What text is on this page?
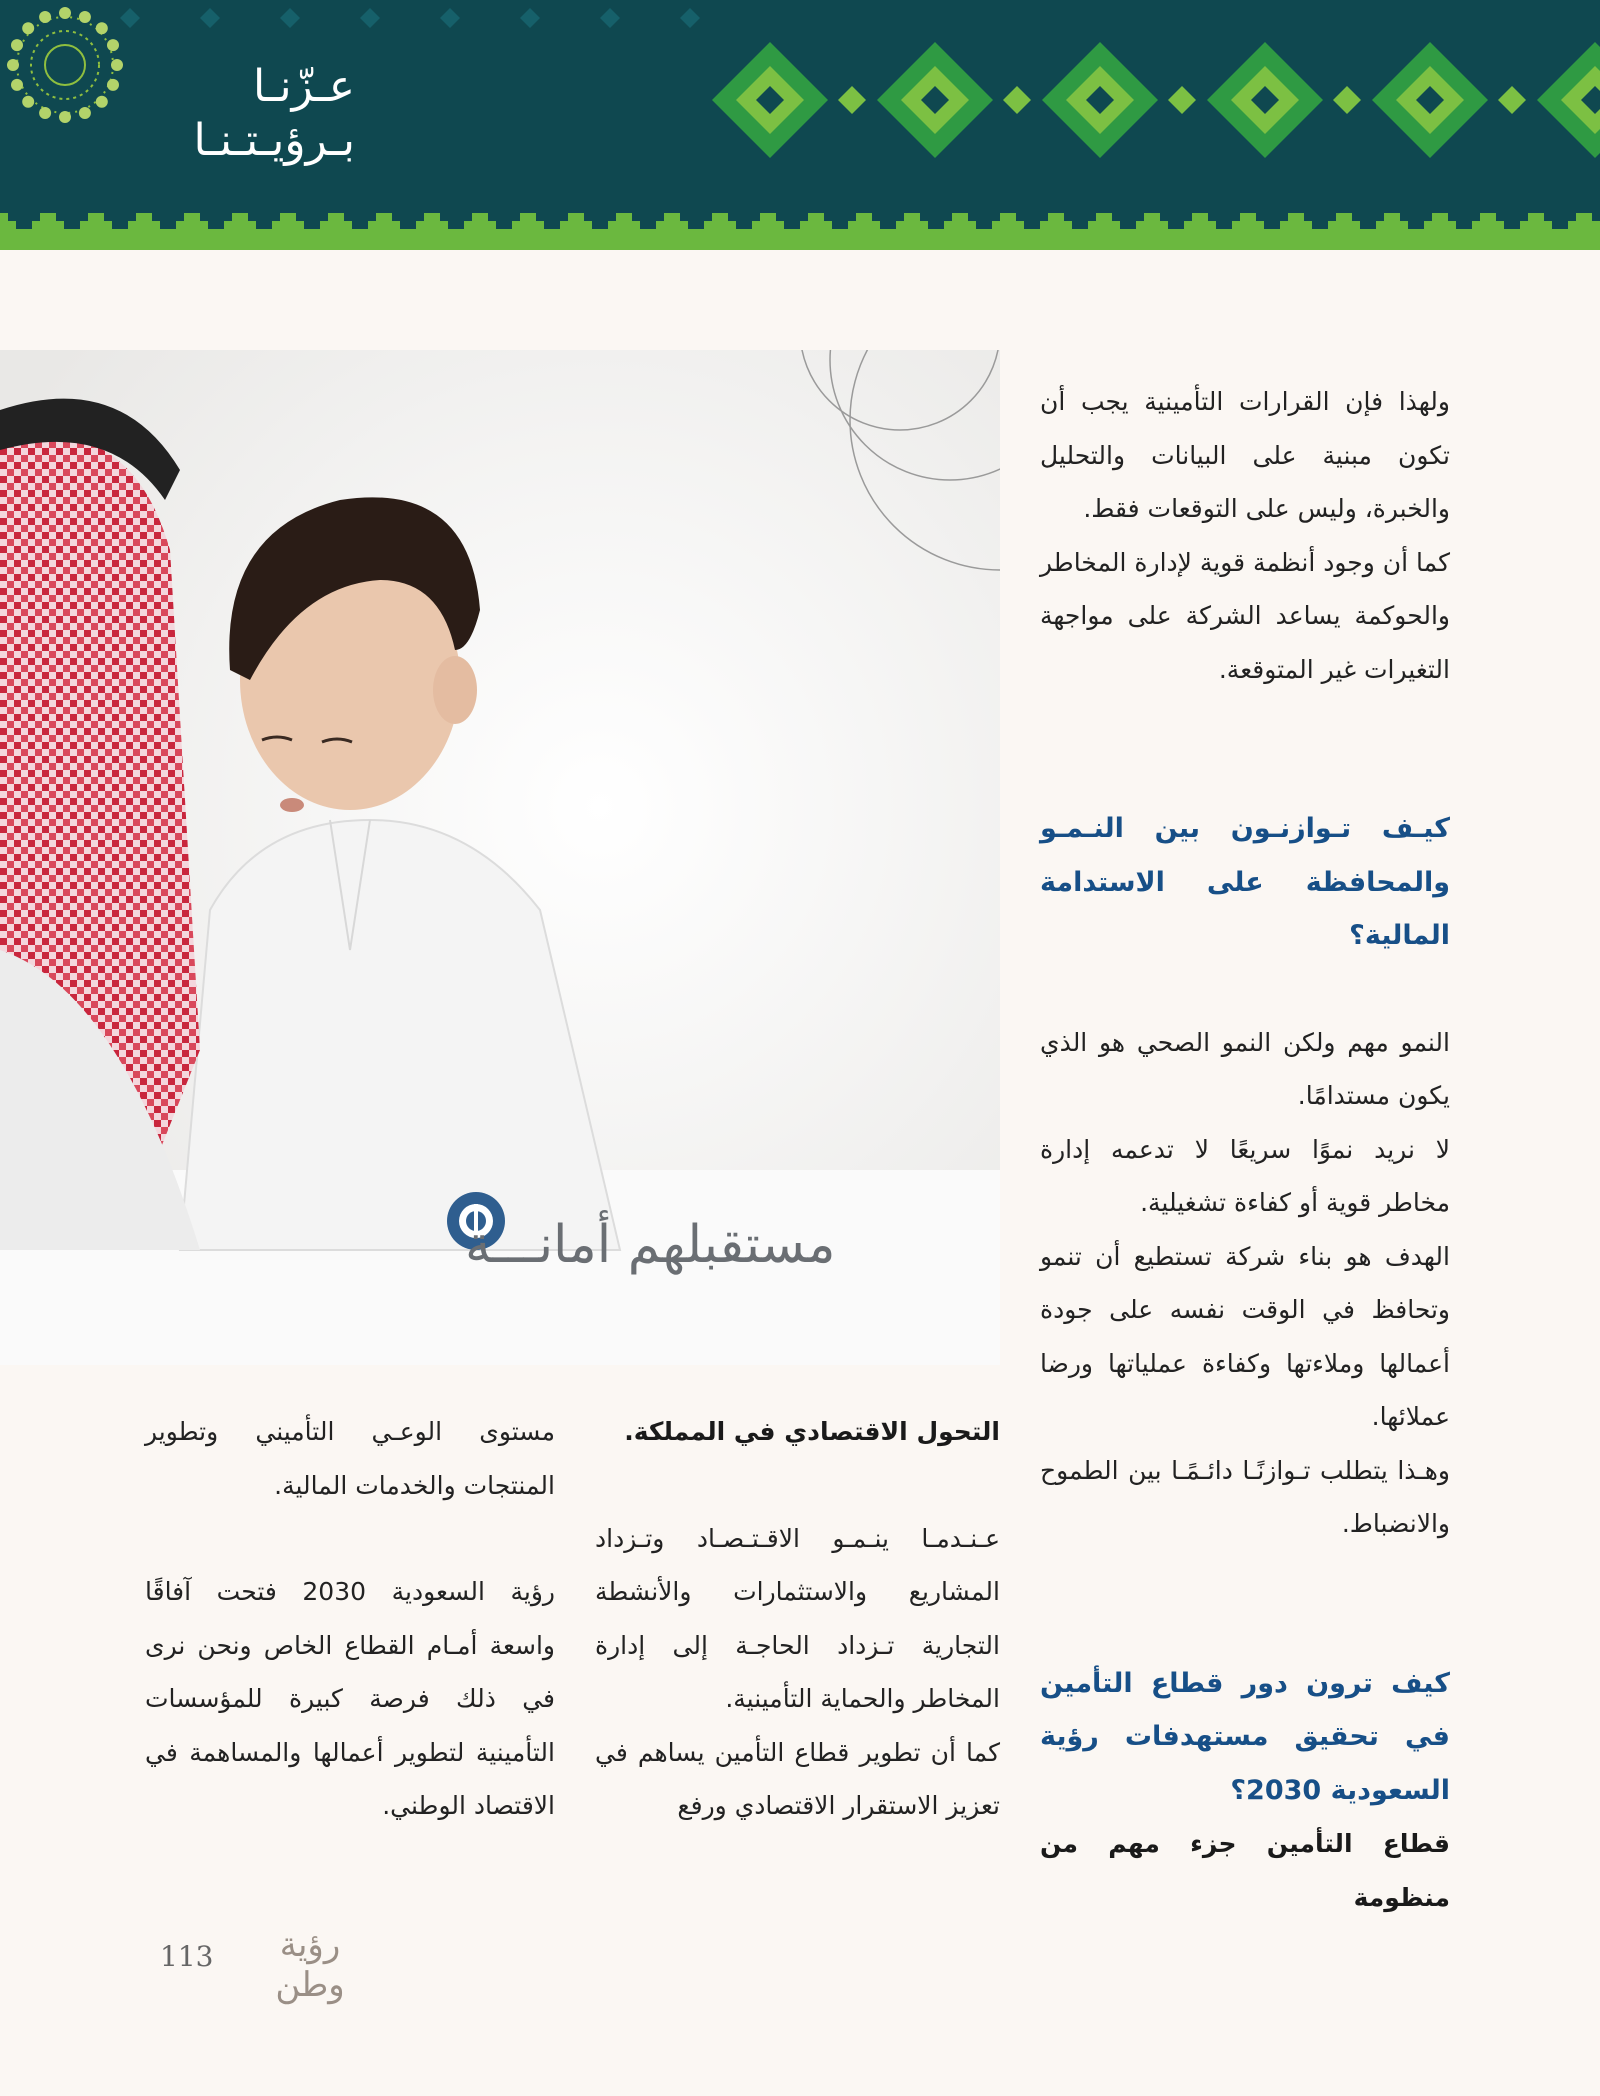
عـزّنـا
بـرؤيـتـنـا
مستقبلهم أمانـــة

ولهذا فإن القرارات التأمينية يجب أن تكون مبنية على البيانات والتحليل والخبرة، وليس على التوقعات فقط.

كما أن وجود أنظمة قوية لإدارة المخاطر والحوكمة يساعد الشركة على مواجهة التغيرات غير المتوقعة.

كيـف تـوازنـون بين النـمـو والمحافظة على الاستدامة المالية؟

النمو مهم ولكن النمو الصحي هو الذي يكون مستدامًا.

لا نريد نموًا سريعًا لا تدعمه إدارة مخاطر قوية أو كفاءة تشغيلية.

الهدف هو بناء شركة تستطيع أن تنمو وتحافظ في الوقت نفسه على جودة أعمالها وملاءتها وكفاءة عملياتها ورضا عملائها.

وهـذا يتطلب تـوازنًـا دائـمًـا بين الطموح والانضباط.

كيف ترون دور قطاع التأمين في تحقيق مستهدفات رؤية السعودية 2030؟

قطاع التأمين جزء مهم من منظومة

التحول الاقتصادي في المملكة.

عـنـدمـا ينـمـو الاقـتـصـاد وتـزداد المشاريع والاستثمارات والأنشطة التجارية تـزداد الحاجـة إلى إدارة المخاطر والحماية التأمينية.

كما أن تطوير قطاع التأمين يساهم في تعزيز الاستقرار الاقتصادي ورفع

مستوى الوعـي التأميني وتطوير المنتجات والخدمات المالية.

رؤية السعودية 2030 فتحت آفاقًا واسعة أمـام القطاع الخاص ونحن نرى في ذلك فرصة كبيرة للمؤسسات التأمينية لتطوير أعمالها والمساهمة في الاقتصاد الوطني.

113	رؤية وطن
